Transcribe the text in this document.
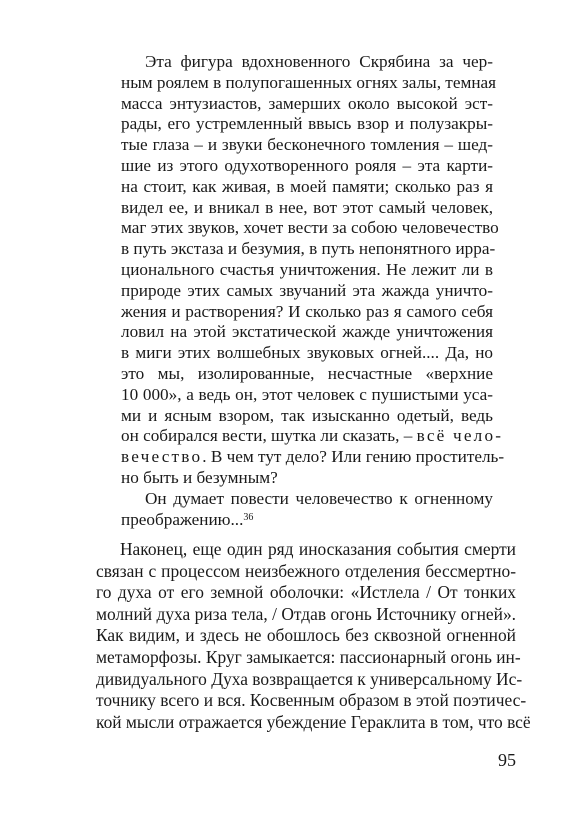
Эта фигура вдохновенного Скрябина за чер-
ным роялем в полупогашенных огнях залы, темная
масса энтузиастов, замерших около высокой эст-
рады, его устремленный ввысь взор и полузакры-
тые глаза – и звуки бесконечного томления – шед-
шие из этого одухотворенного рояля – эта карти-
на стоит, как живая, в моей памяти; сколько раз я
видел ее, и вникал в нее, вот этот самый человек,
маг этих звуков, хочет вести за собою человечество
в путь экстаза и безумия, в путь непонятного ирра-
ционального счастья уничтожения. Не лежит ли в
природе этих самых звучаний эта жажда уничто-
жения и растворения? И сколько раз я самого себя
ловил на этой экстатической жажде уничтожения
в миги этих волшебных звуковых огней.... Да, но
это мы, изолированные, несчастные «верхние
10 000», а ведь он, этот человек с пушистыми уса-
ми и ясным взором, так изысканно одетый, ведь
он собирался вести, шутка ли сказать, – всё чело-
вечество. В чем тут дело? Или гению проститель-
но быть и безумным?
Он думает повести человечество к огненному
преображению...$^{36}$
Наконец, еще один ряд иносказания события смерти
связан с процессом неизбежного отделения бессмертно-
го духа от его земной оболочки: «Истлела / От тонких
молний духа риза тела, / Отдав огонь Источнику огней».
Как видим, и здесь не обошлось без сквозной огненной
метаморфозы. Круг замыкается: пассионарный огонь ин-
дивидуального Духа возвращается к универсальному Ис-
точнику всего и вся. Косвенным образом в этой поэтичес-
кой мысли отражается убеждение Гераклита в том, что всё
95
